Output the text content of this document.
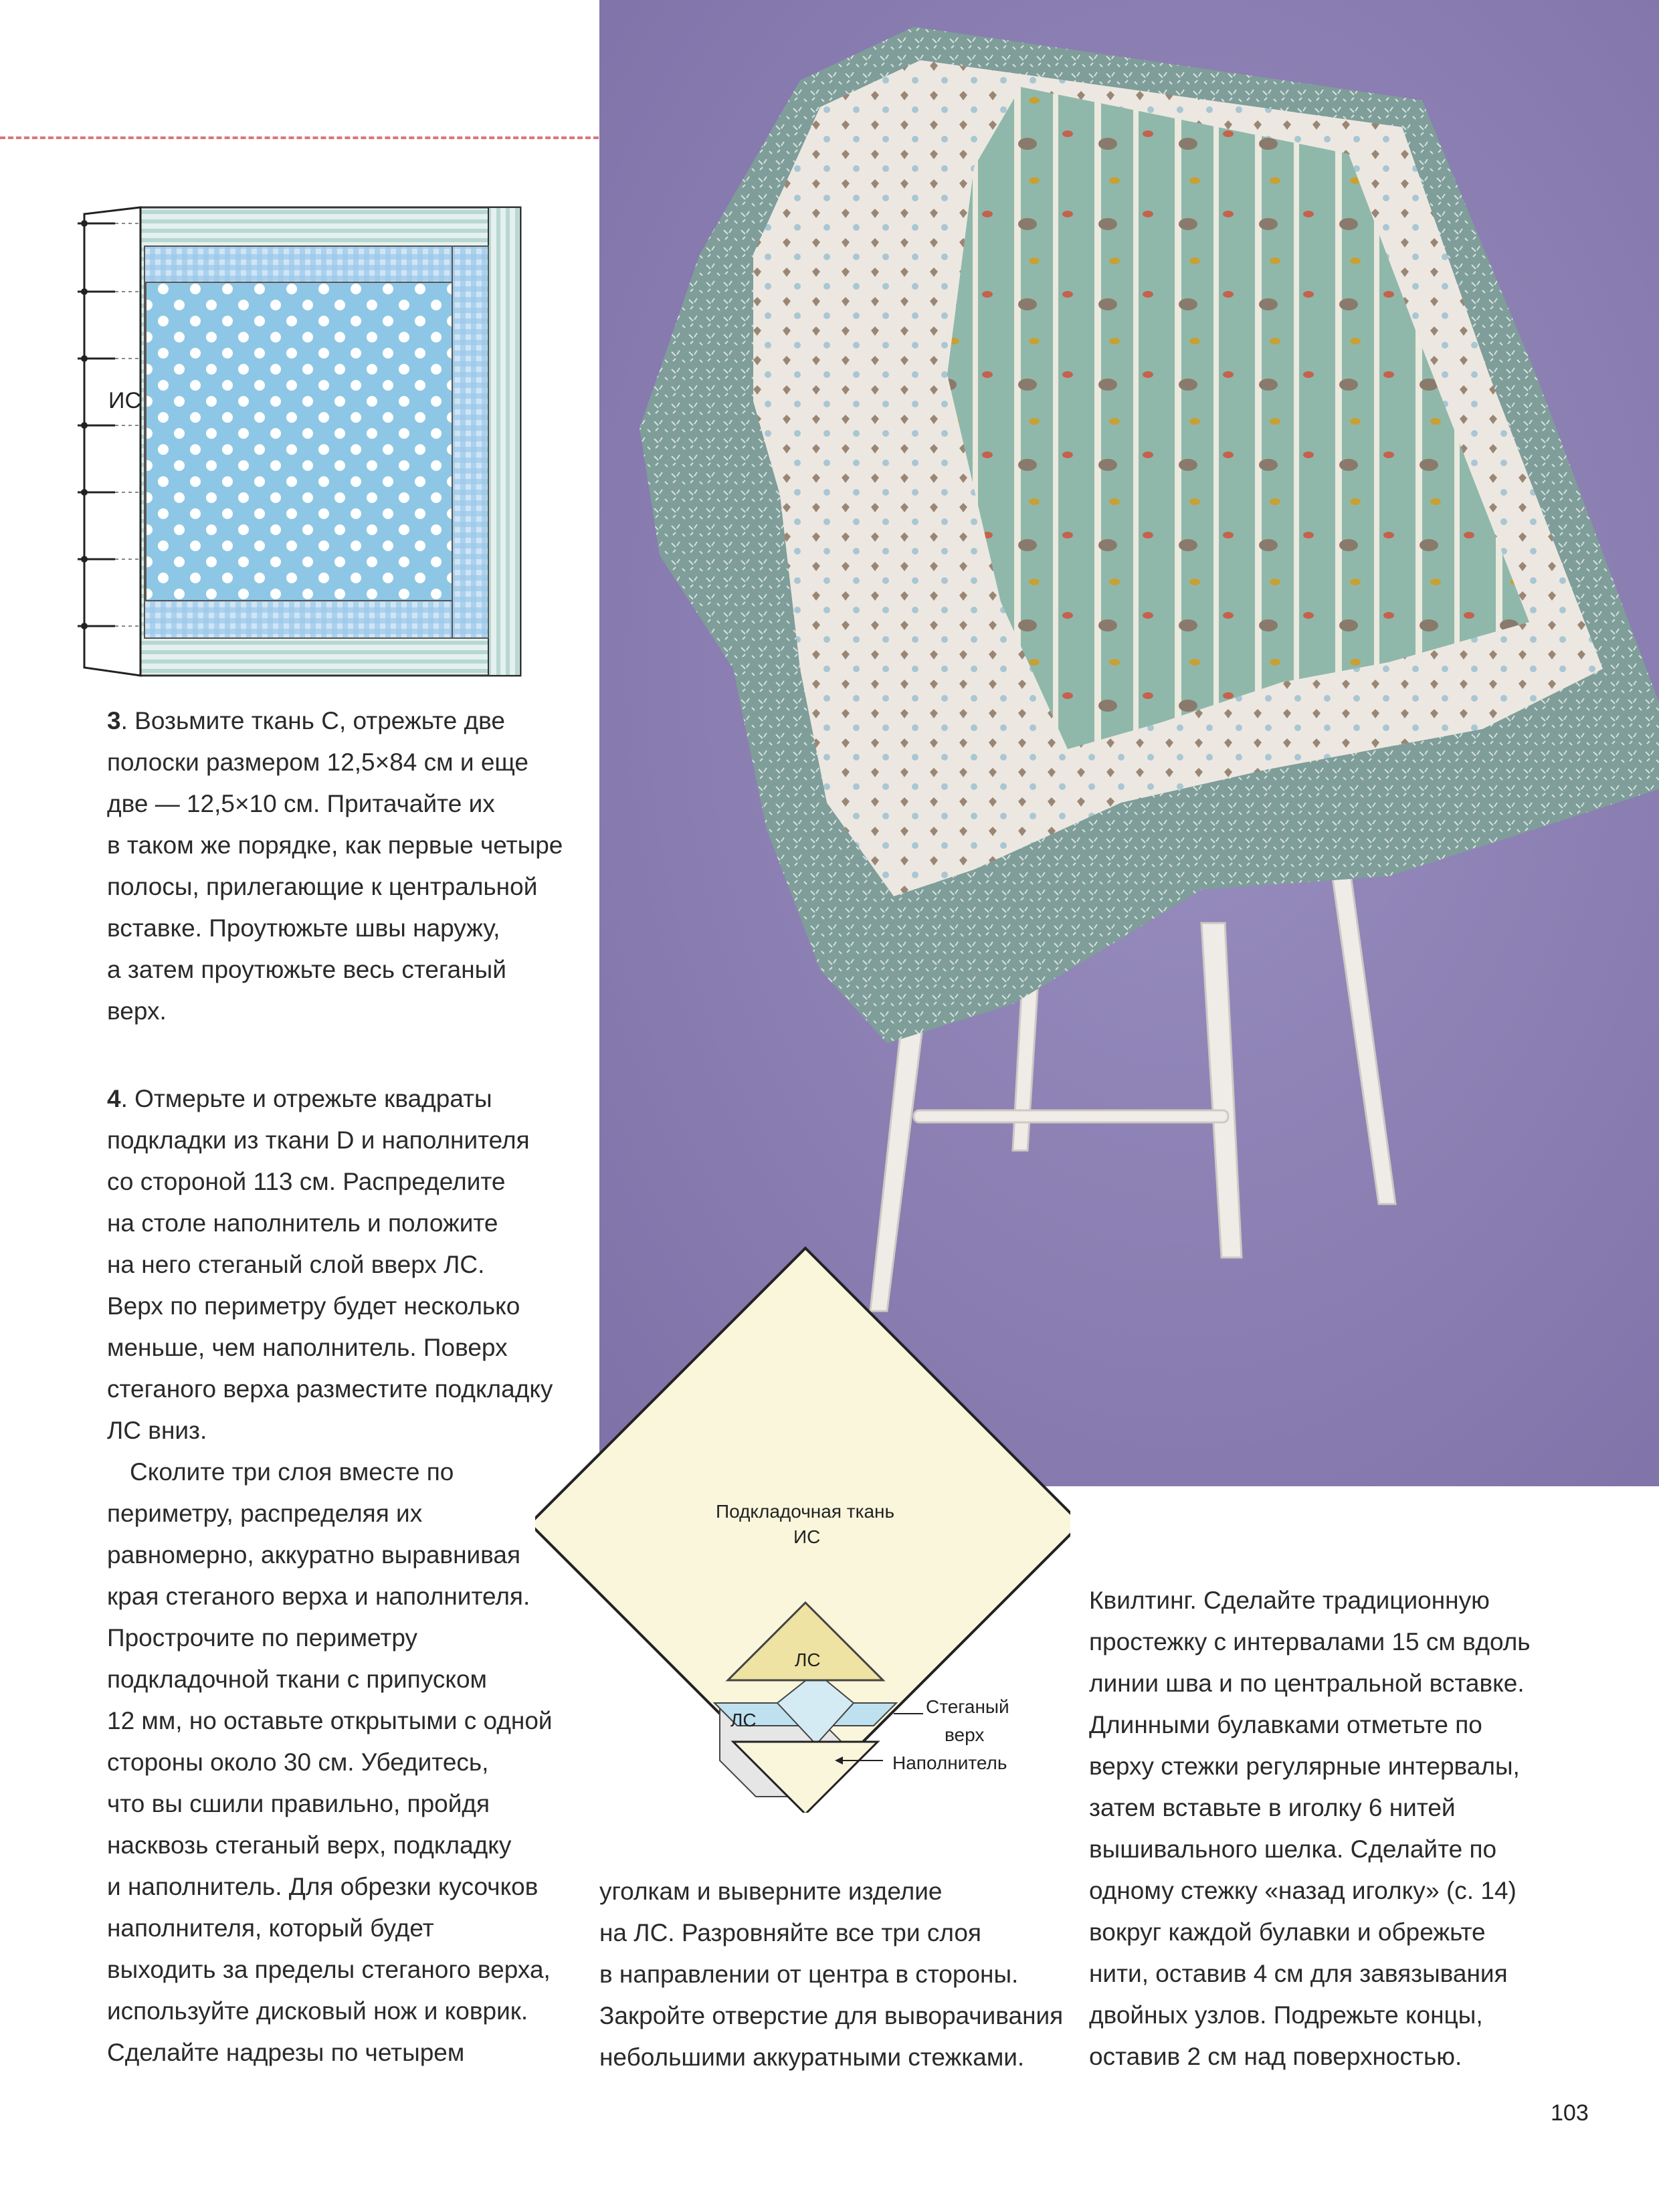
ИС
3. Возьмите ткань С, отрежьте две
полоски размером 12,5×84 см и еще
две — 12,5×10 см. Притачайте их
в таком же порядке, как первые четыре
полосы, прилегающие к центральной
вставке. Проутюжьте швы наружу,
а затем проутюжьте весь стеганый
верх.
4. Отмерьте и отрежьте квадраты
подкладки из ткани D и наполнителя
со стороной 113 см. Распределите
на столе наполнитель и положите
на него стеганый слой вверх ЛС.
Верх по периметру будет несколько
меньше, чем наполнитель. Поверх
стеганого верха разместите подкладку
ЛС вниз.
Сколите три слоя вместе по
периметру, распределяя их
равномерно, аккуратно выравнивая
края стеганого верха и наполнителя.
Прострочите по периметру
подкладочной ткани с припуском
12 мм, но оставьте открытыми с одной
стороны около 30 см. Убедитесь,
что вы сшили правильно, пройдя
насквозь стеганый верх, подкладку
и наполнитель. Для обрезки кусочков
наполнителя, который будет
выходить за пределы стеганого верха,
используйте дисковый нож и коврик.
Сделайте надрезы по четырем
Подкладочная ткань
ИС
ЛС
ЛС
Стеганый
верх
Наполнитель
уголкам и выверните изделие
на ЛС. Разровняйте все три слоя
в направлении от центра в стороны.
Закройте отверстие для выворачивания
небольшими аккуратными стежками.
Квилтинг. Сделайте традиционную
простежку с интервалами 15 см вдоль
линии шва и по центральной вставке.
Длинными булавками отметьте по
верху стежки регулярные интервалы,
затем вставьте в иголку 6 нитей
вышивального шелка. Сделайте по
одному стежку «назад иголку» (с. 14)
вокруг каждой булавки и обрежьте
нити, оставив 4 см для завязывания
двойных узлов. Подрежьте концы,
оставив 2 см над поверхностью.
103
